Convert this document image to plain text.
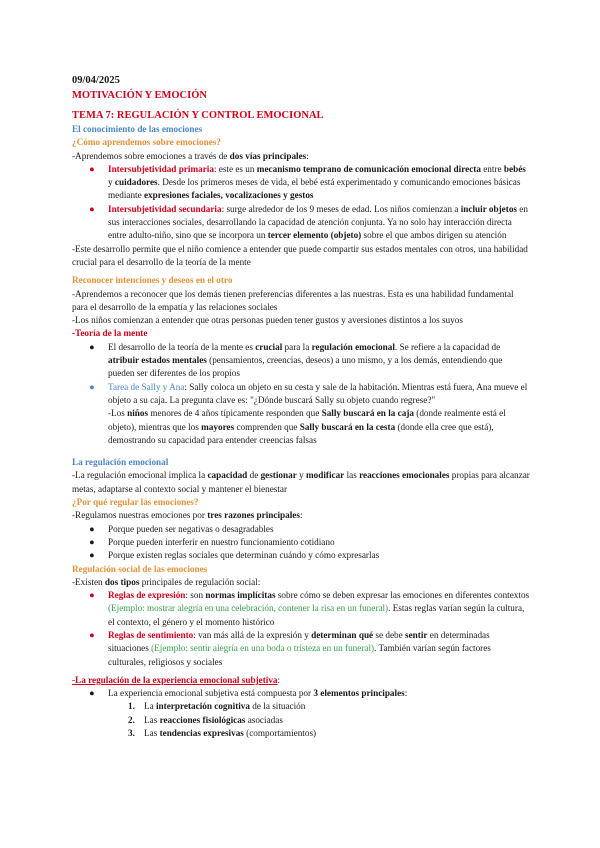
09/04/2025

MOTIVACIÓN Y EMOCIÓN

TEMA 7: REGULACIÓN Y CONTROL EMOCIONAL

El conocimiento de las emociones

¿Cómo aprendemos sobre emociones?

-Aprendemos sobre emociones a través de dos vías principales:

● Intersubjetividad primaria: este es un mecanismo temprano de comunicación emocional directa entre bebés y cuidadores. Desde los primeros meses de vida, el bebé está experimentado y comunicando emociones básicas mediante expresiones faciales, vocalizaciones y gestos
● Intersubjetividad secundaria: surge alrededor de los 9 meses de edad. Los niños comienzan a incluir objetos en sus interacciones sociales, desarrollando la capacidad de atención conjunta. Ya no solo hay interacción directa entre adulto-niño, sino que se incorpora un tercer elemento (objeto) sobre el que ambos dirigen su atención

-Este desarrollo permite que el niño comience a entender que puede compartir sus estados mentales con otros, una habilidad crucial para el desarrollo de la teoría de la mente

Reconocer intenciones y deseos en el otro

-Aprendemos a reconocer que los demás tienen preferencias diferentes a las nuestras. Esta es una habilidad fundamental para el desarrollo de la empatía y las relaciones sociales

-Los niños comienzan a entender que otras personas pueden tener gustos y aversiones distintos a los suyos

-Teoría de la mente

● El desarrollo de la teoría de la mente es crucial para la regulación emocional. Se refiere a la capacidad de atribuir estados mentales (pensamientos, creencias, deseos) a uno mismo, y a los demás, entendiendo que pueden ser diferentes de los propios
● Tarea de Sally y Ana: Sally coloca un objeto en su cesta y sale de la habitación. Mientras está fuera, Ana mueve el objeto a su caja. La pregunta clave es: "¿Dónde buscará Sally su objeto cuando regrese?"
-Los niños menores de 4 años típicamente responden que Sally buscará en la caja (donde realmente está el objeto), mientras que los mayores comprenden que Sally buscará en la cesta (donde ella cree que está), demostrando su capacidad para entender creencias falsas

La regulación emocional

-La regulación emocional implica la capacidad de gestionar y modificar las reacciones emocionales propias para alcanzar metas, adaptarse al contexto social y mantener el bienestar

¿Por qué regular las emociones?

-Regulamos nuestras emociones por tres razones principales:

● Porque pueden ser negativas o desagradables
● Porque pueden interferir en nuestro funcionamiento cotidiano
● Porque existen reglas sociales que determinan cuándo y cómo expresarlas

Regulación social de las emociones

-Existen dos tipos principales de regulación social:

● Reglas de expresión: son normas implícitas sobre cómo se deben expresar las emociones en diferentes contextos (Ejemplo: mostrar alegría en una celebración, contener la risa en un funeral). Estas reglas varían según la cultura, el contexto, el género y el momento histórico
● Reglas de sentimiento: van más allá de la expresión y determinan qué se debe sentir en determinadas situaciones (Ejemplo: sentir alegría en una boda o tristeza en un funeral). También varían según factores culturales, religiosos y sociales

-La regulación de la experiencia emocional subjetiva:

● La experiencia emocional subjetiva está compuesta por 3 elementos principales:
1. La interpretación cognitiva de la situación
2. Las reacciones fisiológicas asociadas
3. Las tendencias expresivas (comportamientos)
